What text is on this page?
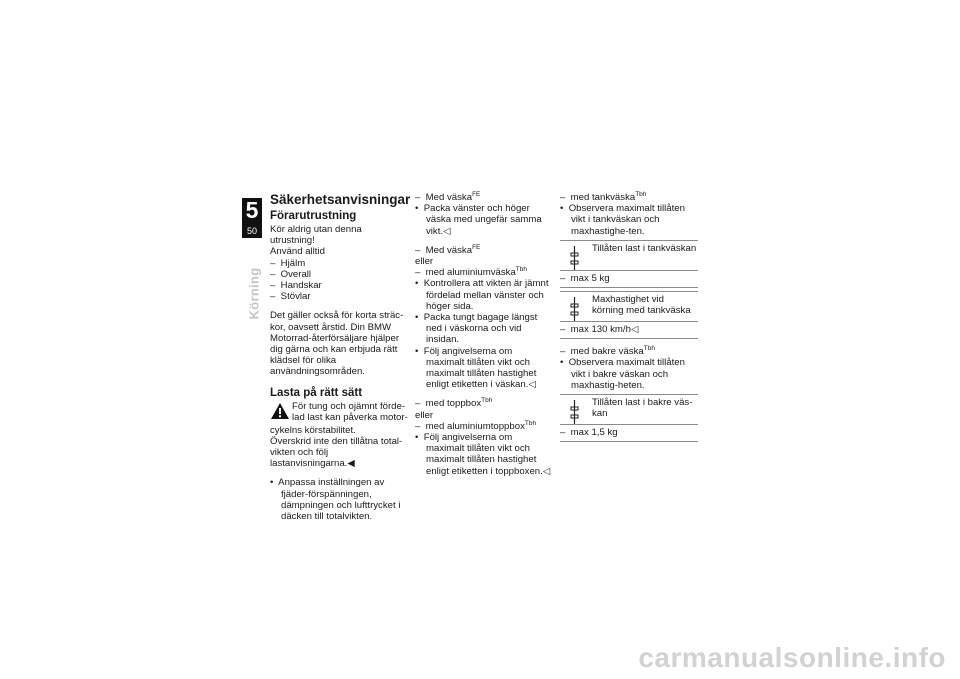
5
50
Körning
Säkerhetsanvisningar
Förarutrustning

Kör aldrig utan denna utrustning!

Använd alltid

–  Hjälm

–  Overall

–  Handskar

–  Stövlar

Det gäller också för korta sträc-kor, oavsett årstid. Din BMW Motorrad-återförsäljare hjälper dig gärna och kan erbjuda rätt klädsel för olika användningsområden.

Lasta på rätt sätt

För tung och ojämnt förde-lad last kan påverka motor-

cykelns körstabilitet.

Överskrid inte den tillåtna total-vikten och följ lastanvisningarna.◀

•  Anpassa inställningen av fjäder-förspänningen, dämpningen och lufttrycket i däcken till totalvikten.

–  Med väska$^{FE}$

•  Packa vänster och höger väska med ungefär samma vikt.◁

–  Med väska$^{FE}$

eller

–  med aluminiumväska$^{Tbh}$

•  Kontrollera att vikten är jämnt fördelad mellan vänster och höger sida.

•  Packa tungt bagage längst ned i väskorna och vid insidan.

•  Följ angivelserna om maximalt tillåten vikt och maximalt tillåten hastighet enligt etiketten i väskan.◁

–  med toppbox$^{Tbh}$

eller

–  med aluminiumtoppbox$^{Tbh}$

•  Följ angivelserna om maximalt tillåten vikt och maximalt tillåten hastighet enligt etiketten i toppboxen.◁

–  med tankväska$^{Tbh}$

•  Observera maximalt tillåten vikt i tankväskan och maxhastighe-ten.

Tillåten last i tankväskan
–  max 5 kg
Maxhastighet vid körning med tankväska
–  max 130 km/h◁

–  med bakre väska$^{Tbh}$

•  Observera maximalt tillåten vikt i bakre väskan och maxhastig-heten.

Tillåten last i bakre väs-kan
–  max 1,5 kg
carmanualsonline.info
